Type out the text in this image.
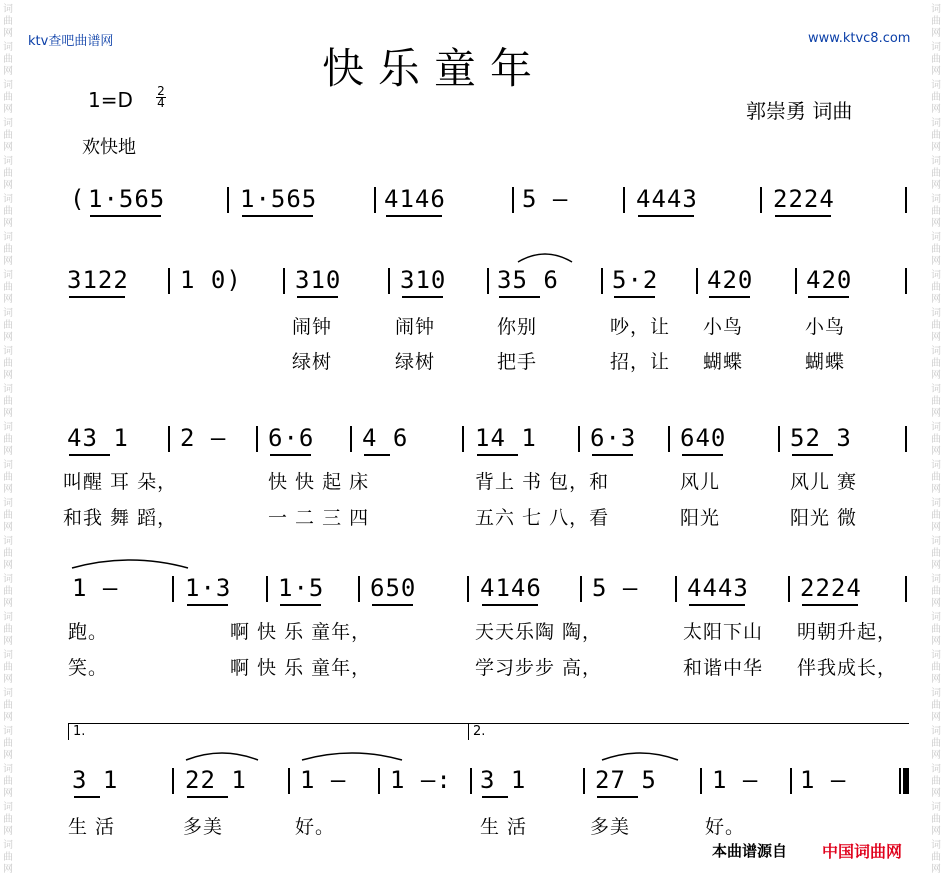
词
曲
网
词
曲
网
词
曲
网
词
曲
网
词
曲
网
词
曲
网
词
曲
网
词
曲
网
词
曲
网
词
曲
网
词
曲
网
词
曲
网
词
曲
网
词
曲
网
词
曲
网
词
曲
网
词
曲
网
词
曲
网
词
曲
网
词
曲
网
词
曲
网
词
曲
网
词
曲
网
词
曲
网
词
曲
网
词
曲
网
词
曲
网
词
曲
网
词
曲
网
词
曲
网
词
曲
网
词
曲
网
词
曲
网
词
曲
网
词
曲
网
词
曲
网
词
曲
网
词
曲
网
词
曲
网
词
曲
网
词
曲
网
词
曲
网
词
曲
网
词
曲
网
词
曲
网
词
曲
网
ktv查吧曲谱网	www.ktvc8.com
快乐童年
1=D 2
4	郭崇勇 词曲
欢快地
( 1·565	1·565	4146	5 –	4443	2224
3122 1 0) 310 310 35 6 5·2 420 420
43 1 2 – 6·6 4 6	14 1 6·3 640	52 3
1 –	1·3 1·5 650	4146 5 – 4443 2224
3 1	22 1 1 – 1 –: 3 1	27 5 1 – 1 –
1.	2.
本曲谱源自 中国词曲网
闹钟	闹钟	你别	吵，让 小鸟	小鸟
绿树	绿树	把手	招，让 蝴蝶	蝴蝶
叫醒 耳 朵，	快 快 起 床	背上 书 包，和	风儿	风儿 赛
和我 舞 蹈，	一 二 三 四	五六 七 八，看	阳光	阳光 微
跑。	啊 快 乐 童年，	天天乐陶 陶，	太阳下山 明朝升起，
笑。	啊 快 乐 童年，	学习步步 高，	和谐中华 伴我成长，
生 活	多美	好。	生 活	多美	好。
